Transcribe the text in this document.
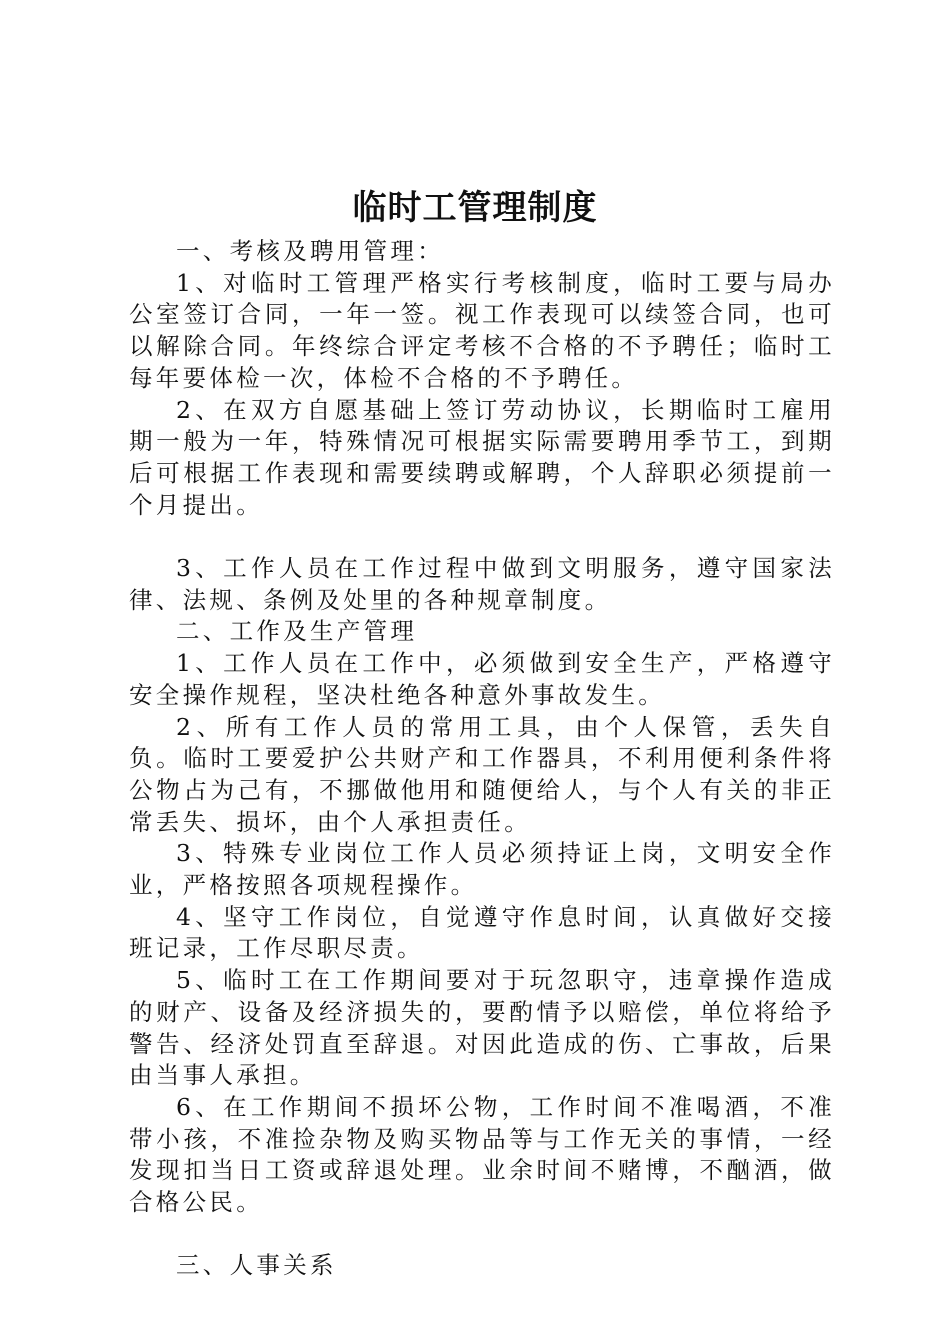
临时工管理制度

一、考核及聘用管理：

1、对临时工管理严格实行考核制度，临时工要与局办公室签订合同，一年一签。视工作表现可以续签合同，也可以解除合同。年终综合评定考核不合格的不予聘任；临时工每年要体检一次，体检不合格的不予聘任。

2、在双方自愿基础上签订劳动协议，长期临时工雇用期一般为一年，特殊情况可根据实际需要聘用季节工，到期后可根据工作表现和需要续聘或解聘，个人辞职必须提前一个月提出。

3、工作人员在工作过程中做到文明服务，遵守国家法律、法规、条例及处里的各种规章制度。

二、工作及生产管理

1、工作人员在工作中，必须做到安全生产，严格遵守安全操作规程，坚决杜绝各种意外事故发生。

2、所有工作人员的常用工具，由个人保管，丢失自负。临时工要爱护公共财产和工作器具，不利用便利条件将公物占为己有，不挪做他用和随便给人，与个人有关的非正常丢失、损坏，由个人承担责任。

3、特殊专业岗位工作人员必须持证上岗，文明安全作业，严格按照各项规程操作。

4、坚守工作岗位，自觉遵守作息时间，认真做好交接班记录，工作尽职尽责。

5、临时工在工作期间要对于玩忽职守，违章操作造成的财产、设备及经济损失的，要酌情予以赔偿，单位将给予警告、经济处罚直至辞退。对因此造成的伤、亡事故，后果由当事人承担。

6、在工作期间不损坏公物，工作时间不准喝酒，不准带小孩，不准捡杂物及购买物品等与工作无关的事情，一经发现扣当日工资或辞退处理。业余时间不赌博，不酗酒，做合格公民。

三、人事关系
